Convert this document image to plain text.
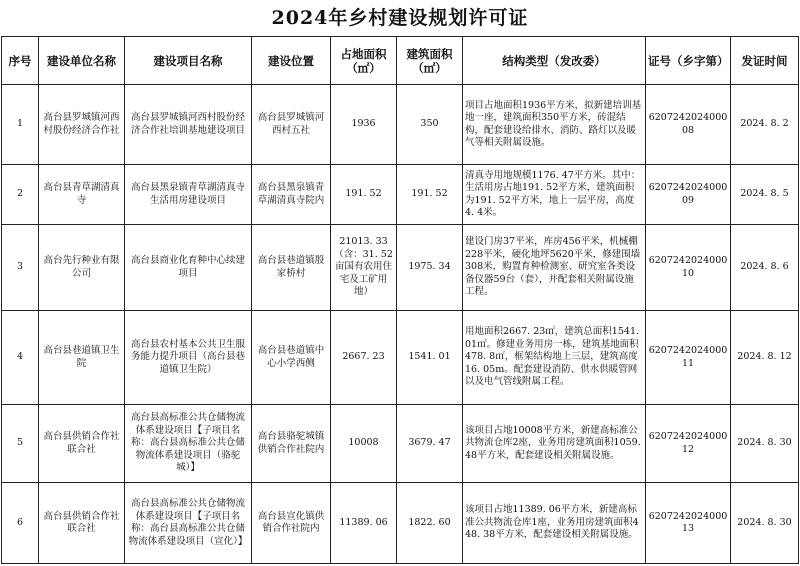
2024年乡村建设规划许可证
序号	建设单位名称	建设项目名称	建设位置	占地面积（㎡）	建筑面积（㎡）	结构类型（发改委）	证号（乡字第）	发证时间
1	高台县罗城镇河西村股份经济合作社	高台县罗城镇河西村股份经济合作社培训基地建设项目	高台县罗城镇河西村五社	1936	350	项目占地面积1936平方米，拟新建培训基地一座，建筑面积350平方米，砖混结构，配套建设给排水、消防、路灯以及暖气等相关附属设施。	620724202400008	2024. 8. 2
2	高台县青草湖清真寺	高台县黑泉镇青草湖清真寺生活用房建设项目	高台县黑泉镇青草湖清真寺院内	191. 52	191. 52	清真寺用地规模1176. 47平方米。其中：生活用房占地191. 52平方米，建筑面积为191. 52平方米，地上一层平房，高度4. 4米。	620724202400009	2024. 8. 5
3	高台先行种业有限公司	高台县商业化育种中心续建项目	高台县巷道镇殷家桥村	21013. 33（含：31. 52亩国有农用住宅及工矿用地）	1975. 34	建设门房37平米，库房456平米，机械棚228平米，硬化地坪5620平米，修建围墙308米，购置育种检测室、研究室各类设备仪器59台（套），并配套相关附属设施工程。	620724202400010	2024. 8. 6
4	高台县巷道镇卫生院	高台县农村基本公共卫生服务能力提升项目（高台县巷道镇卫生院）	高台县巷道镇中心小学西侧	2667. 23	1541. 01	用地面积2667. 23㎡，建筑总面积1541. 01㎡。修建业务用房一栋，建筑基地面积478. 8㎡，框架结构地上三层，建筑高度16. 05m。配套建设消防、供水供暖管网以及电气管线附属工程。	620724202400011	2024. 8. 12
5	高台县供销合作社联合社	高台县高标准公共仓储物流体系建设项目【子项目名称：高台县高标准公共仓储物流体系建设项目（骆驼城）】	高台县骆驼城镇供销合作社院内	10008	3679. 47	该项目占地10008平方米，新建高标准公共物流仓库2座，业务用房建筑面积1059. 48平方米，配套建设相关附属设施。	620724202400012	2024. 8. 30
6	高台县供销合作社联合社	高台县高标准公共仓储物流体系建设项目【子项目名称：高台县高标准公共仓储物流体系建设项目（宣化）】	高台县宣化镇供销合作社院内	11389. 06	1822. 60	该项目占地11389. 06平方米，新建高标准公共物流仓库1座，业务用房建筑面积448. 38平方米，配套建设相关附属设施。	620724202400013	2024. 8. 30
